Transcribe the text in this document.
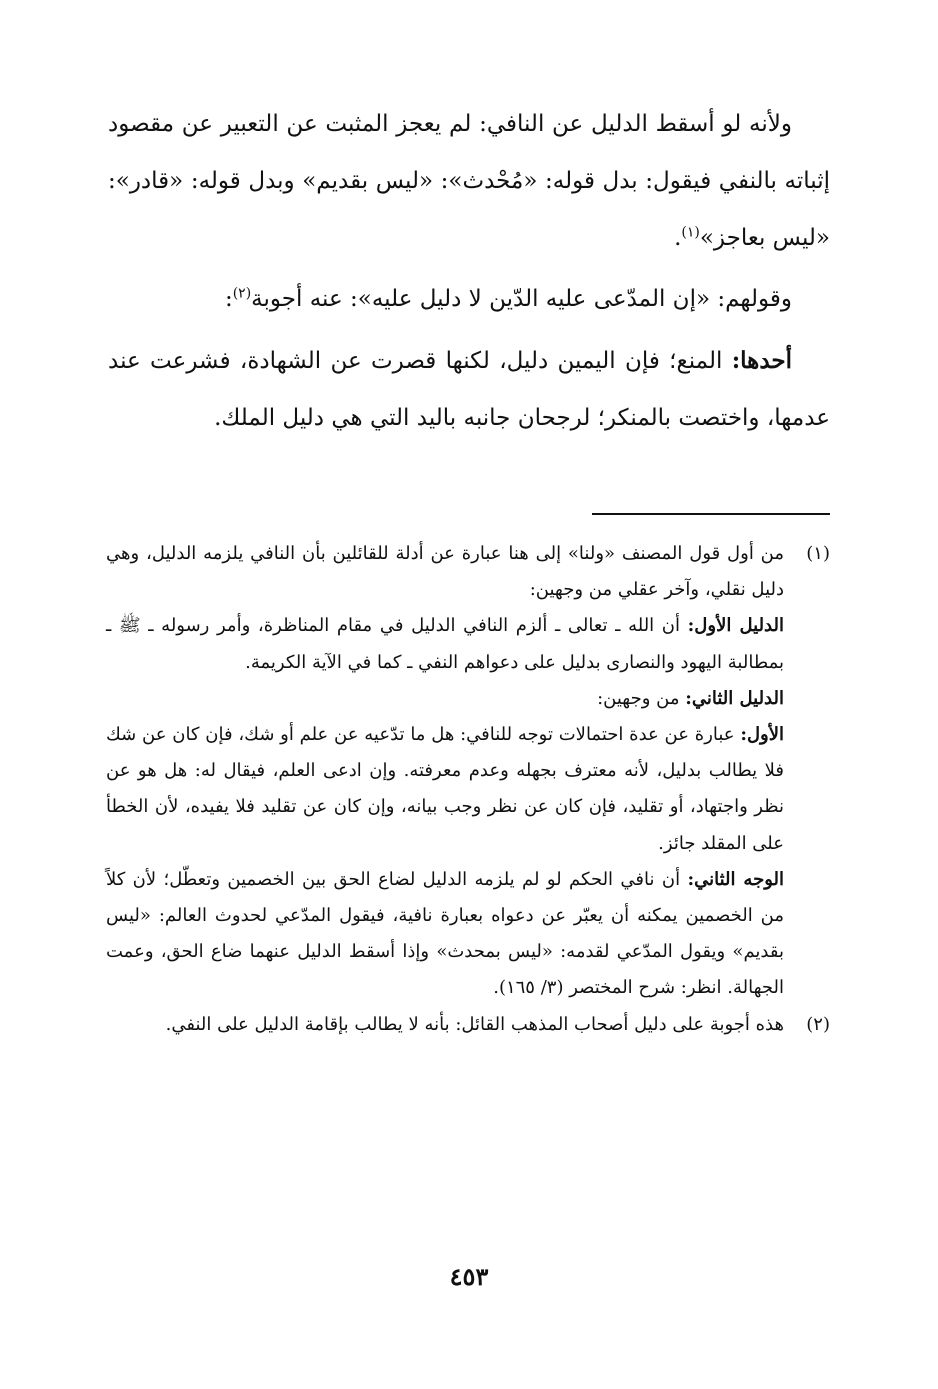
ولأنه لو أسقط الدليل عن النافي: لم يعجز المثبت عن التعبير عن مقصود إثباته بالنفي فيقول: بدل قوله: «مُحْدث»: «ليس بقديم» وبدل قوله: «قادر»: «ليس بعاجز»$^{(١)}$.

وقولهم: «إن المدّعى عليه الدّين لا دليل عليه»: عنه أجوبة$^{(٢)}$:

أحدها: المنع؛ فإن اليمين دليل، لكنها قصرت عن الشهادة، فشرعت عند عدمها، واختصت بالمنكر؛ لرجحان جانبه باليد التي هي دليل الملك.

(١)

من أول قول المصنف «ولنا» إلى هنا عبارة عن أدلة للقائلين بأن النافي يلزمه الدليل، وهي دليل نقلي، وآخر عقلي من وجهين:

الدليل الأول: أن الله ـ تعالى ـ ألزم النافي الدليل في مقام المناظرة، وأمر رسوله ـ ﷺ ـ بمطالبة اليهود والنصارى بدليل على دعواهم النفي ـ كما في الآية الكريمة.

الدليل الثاني: من وجهين:

الأول: عبارة عن عدة احتمالات توجه للنافي: هل ما تدّعيه عن علم أو شك، فإن كان عن شك فلا يطالب بدليل، لأنه معترف بجهله وعدم معرفته. وإن ادعى العلم، فيقال له: هل هو عن نظر واجتهاد، أو تقليد، فإن كان عن نظر وجب بيانه، وإن كان عن تقليد فلا يفيده، لأن الخطأ على المقلد جائز.

الوجه الثاني: أن نافي الحكم لو لم يلزمه الدليل لضاع الحق بين الخصمين وتعطّل؛ لأن كلاً من الخصمين يمكنه أن يعبّر عن دعواه بعبارة نافية، فيقول المدّعي لحدوث العالم: «ليس بقديم» ويقول المدّعي لقدمه: «ليس بمحدث» وإذا أسقط الدليل عنهما ضاع الحق، وعمت الجهالة. انظر: شرح المختصر (٣/ ١٦٥).

(٢)

هذه أجوبة على دليل أصحاب المذهب القائل: بأنه لا يطالب بإقامة الدليل على النفي.

٤٥٣
